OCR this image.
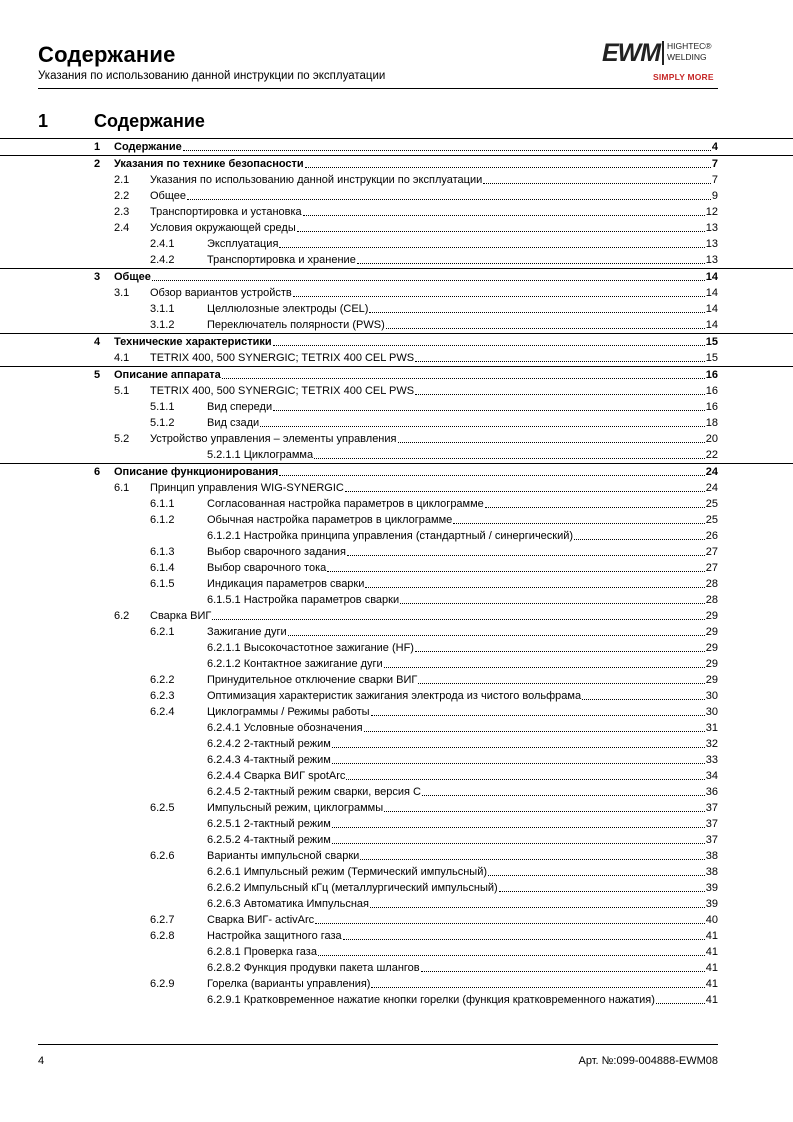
Содержание
Указания по использованию данной инструкции по эксплуатации
EWM HIGHTEC®
WELDING
SIMPLY MORE
1	Содержание
1 Содержание	4
2 Указания по технике безопасности	7
2.1 Указания по использованию данной инструкции по эксплуатации	7
2.2 Общее	9
2.3 Транспортировка и установка	12
2.4 Условия окружающей среды	13
2.4.1	Эксплуатация	13
2.4.2	Транспортировка и хранение	13
3 Общее	14
3.1 Обзор вариантов устройств	14
3.1.1	Целлюлозные электроды (CEL)	14
3.1.2	Переключатель полярности (PWS)	14
4 Технические характеристики	15
4.1 TETRIX 400, 500 SYNERGIC; TETRIX 400 CEL PWS	15
5 Описание аппарата	16
5.1 TETRIX 400, 500 SYNERGIC; TETRIX 400 CEL PWS	16
5.1.1	Вид спереди	16
5.1.2	Вид сзади	18
5.2 Устройство управления – элементы управления	20
5.2.1.1 Циклограмма	22
6 Описание функционирования	24
6.1 Принцип управления WIG-SYNERGIC	24
6.1.1	Согласованная настройка параметров в циклограмме	25
6.1.2	Обычная настройка параметров в циклограмме	25
6.1.2.1 Настройка принципа управления (стандартный / синергический)	26
6.1.3	Выбор сварочного задания	27
6.1.4	Выбор сварочного тока	27
6.1.5	Индикация параметров сварки	28
6.1.5.1 Настройка параметров сварки	28
6.2 Сварка ВИГ	29
6.2.1	Зажигание дуги	29
6.2.1.1 Высокочастотное зажигание (HF)	29
6.2.1.2 Контактное зажигание дуги	29
6.2.2	Принудительное отключение сварки ВИГ	29
6.2.3	Оптимизация характеристик зажигания электрода из чистого вольфрама	30
6.2.4	Циклограммы / Режимы работы	30
6.2.4.1 Условные обозначения	31
6.2.4.2 2-тактный режим	32
6.2.4.3 4-тактный режим	33
6.2.4.4 Сварка ВИГ spotArc	34
6.2.4.5 2-тактный режим сварки, версия С	36
6.2.5	Импульсный режим, циклограммы	37
6.2.5.1 2-тактный режим	37
6.2.5.2 4-тактный режим	37
6.2.6	Варианты импульсной сварки	38
6.2.6.1 Импульсный режим (Термический импульсный)	38
6.2.6.2 Импульсный кГц (металлургический импульсный)	39
6.2.6.3 Автоматика Импульсная	39
6.2.7	Сварка ВИГ- activArc	40
6.2.8	Настройка защитного газа	41
6.2.8.1 Проверка газа	41
6.2.8.2 Функция продувки пакета шлангов	41
6.2.9	Горелка (варианты управления)	41
6.2.9.1 Кратковременное нажатие кнопки горелки (функция кратковременного нажатия)	41
4	Арт. №:099-004888-EWM08
